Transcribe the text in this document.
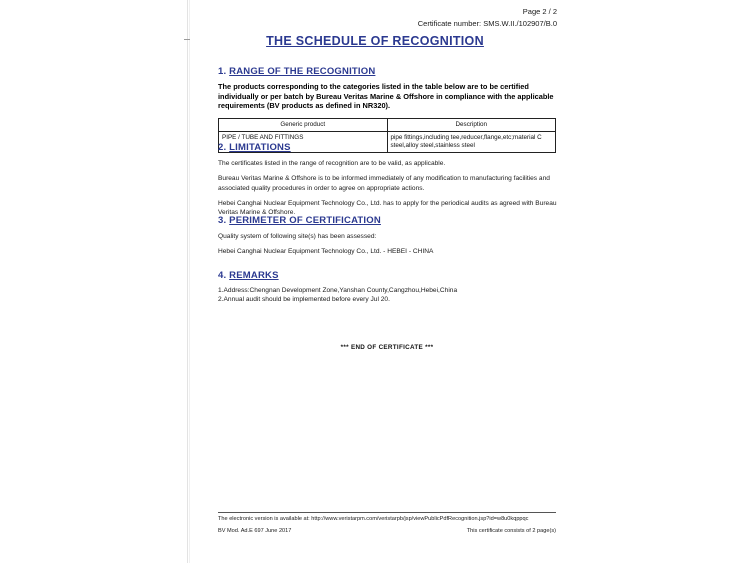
Page 2 / 2
Certificate number: SMS.W.II./102907/B.0
THE SCHEDULE OF RECOGNITION
1. RANGE OF THE RECOGNITION

The products corresponding to the categories listed in the table below are to be certified individually or per batch by Bureau Veritas Marine & Offshore in compliance with the applicable requirements (BV products as defined in NR320).

Generic product	Description
PIPE / TUBE AND FITTINGS	pipe fittings,including tee,reducer,flange,etc;material C steel,alloy steel,stainless steel
2. LIMITATIONS

The certificates listed in the range of recognition are to be valid, as applicable.

Bureau Veritas Marine & Offshore is to be informed immediately of any modification to manufacturing facilities and associated quality procedures in order to agree on appropriate actions.

Hebei Canghai Nuclear Equipment Technology Co., Ltd. has to apply for the periodical audits as agreed with Bureau Veritas Marine & Offshore.

3. PERIMETER OF CERTIFICATION

Quality system of following site(s) has been assessed:

Hebei Canghai Nuclear Equipment Technology Co., Ltd. - HEBEI - CHINA

4. REMARKS

1.Address:Chengnan Development Zone,Yanshan County,Cangzhou,Hebei,China

2.Annual audit should be implemented before every Jul 20.

*** END OF CERTIFICATE ***
The electronic version is available at: http://www.veristarpm.com/veristarpb/jsp/viewPublicPdfRecognition.jsp?id=w8u0kqppqc
BV Mod. Ad.E 697 June 2017	This certificate consists of 2 page(s)
